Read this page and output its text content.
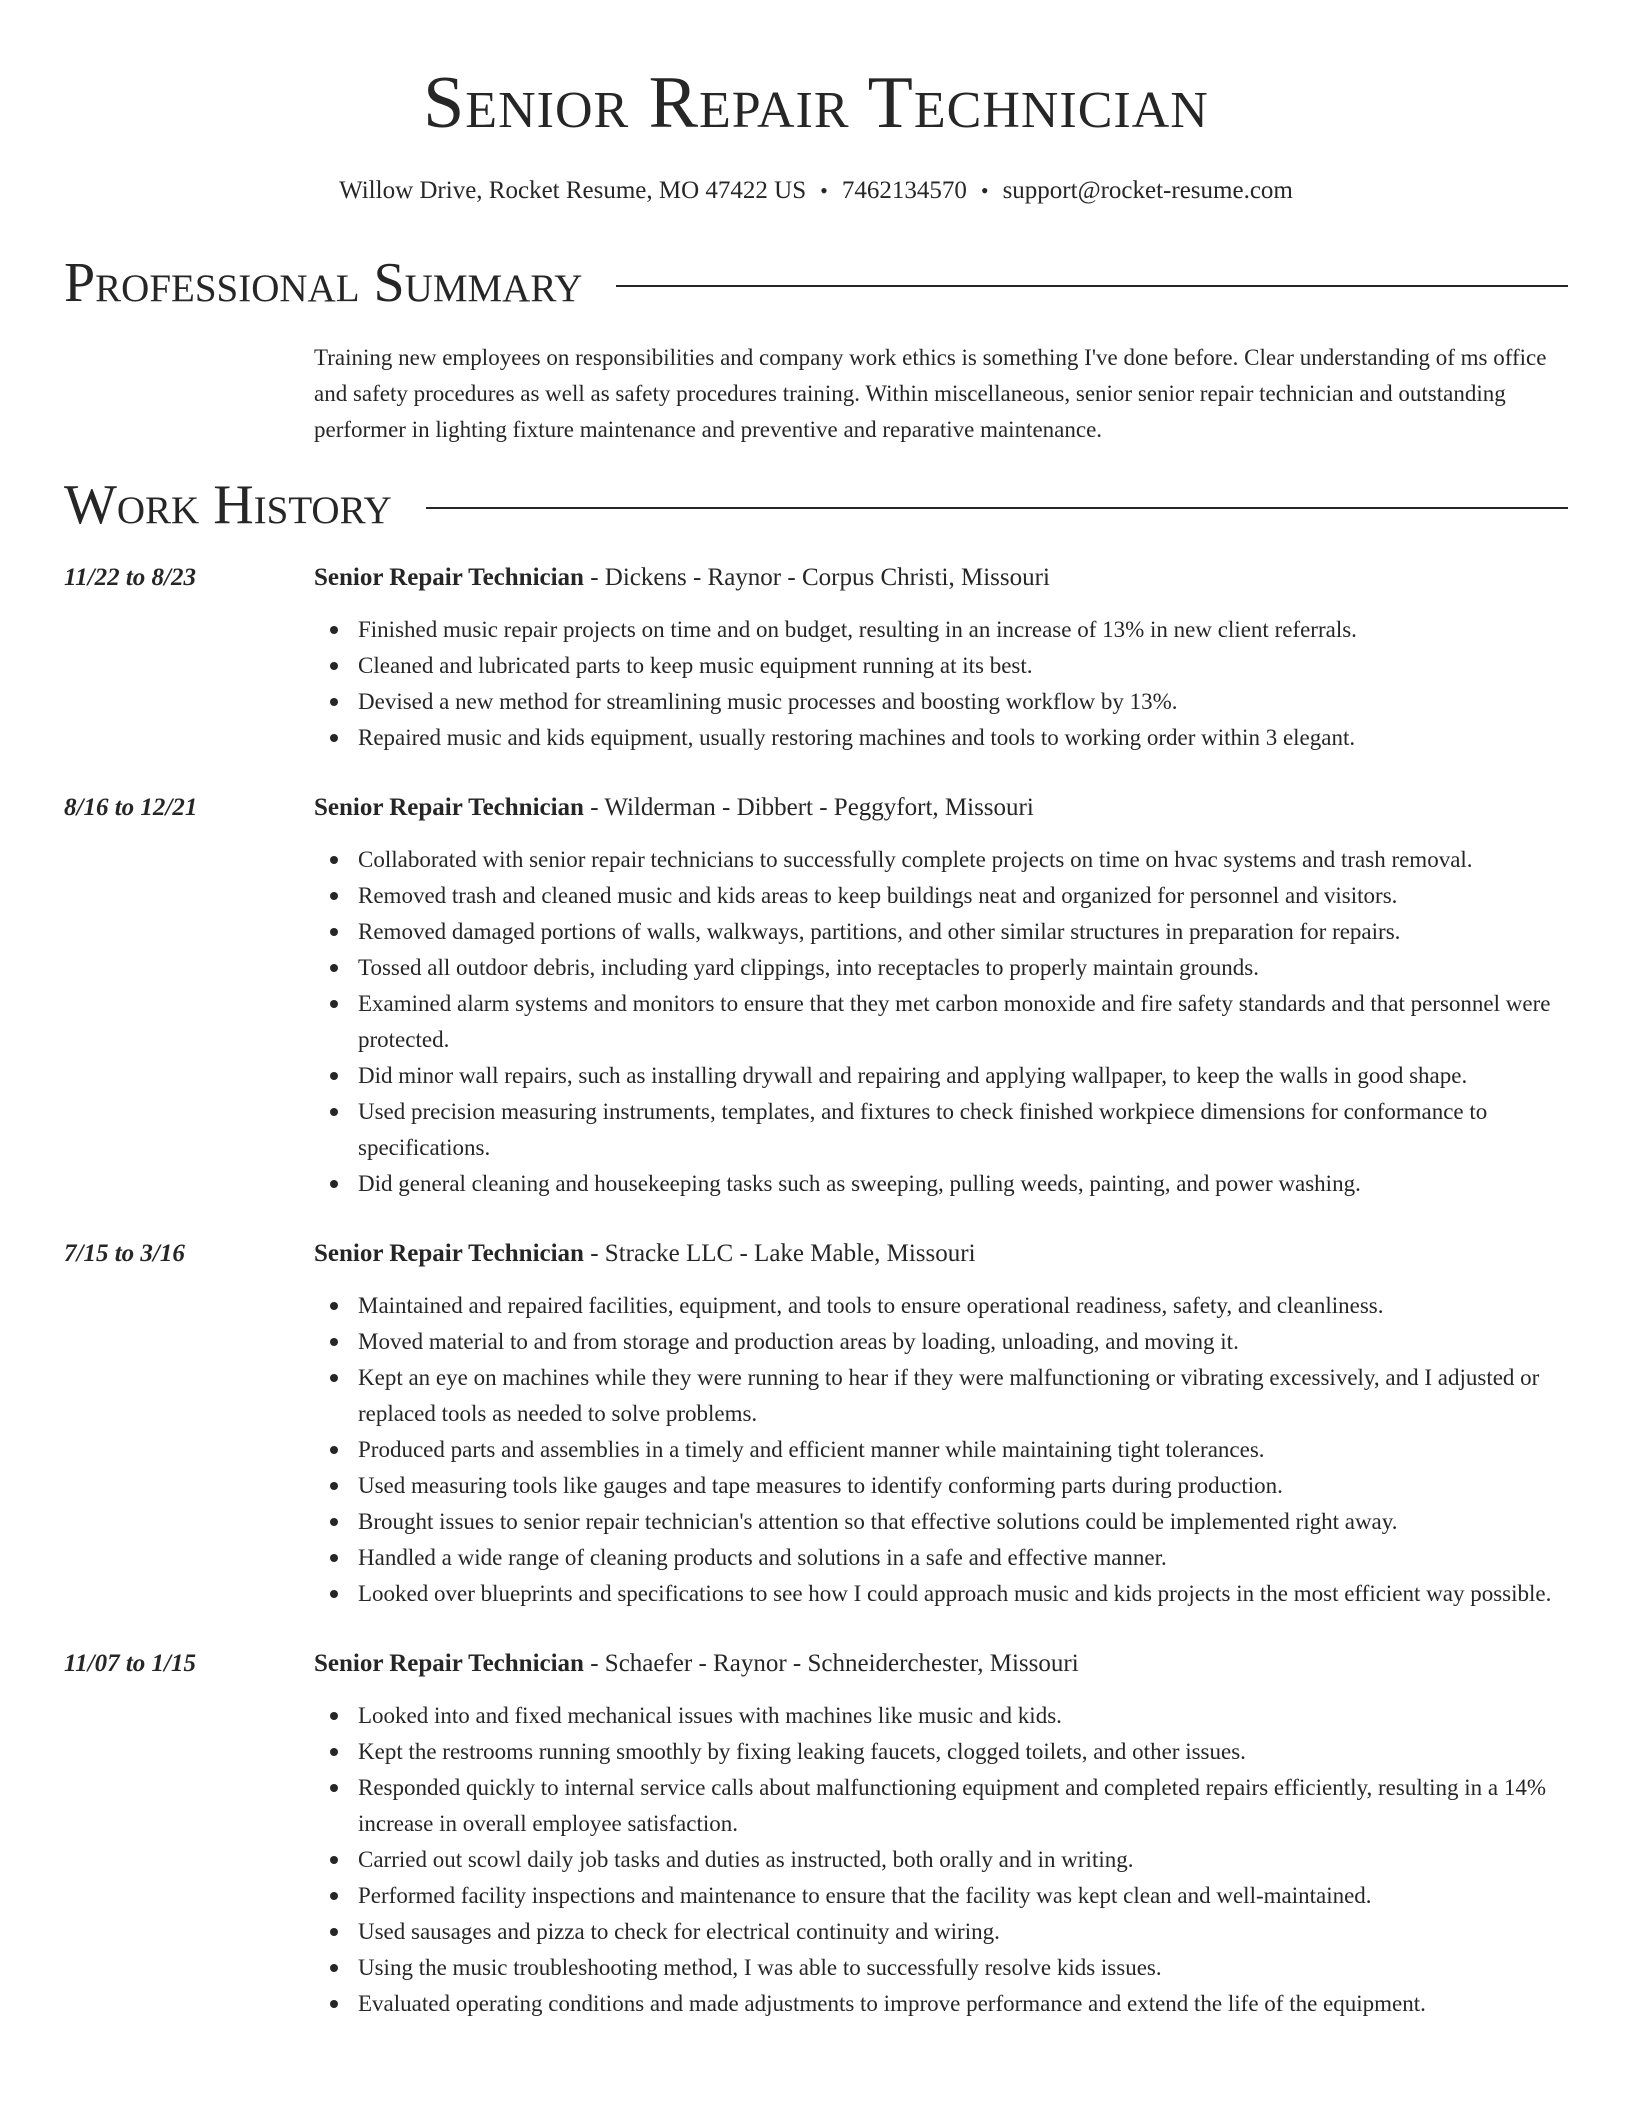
Senior Repair Technician
Willow Drive, Rocket Resume, MO 47422 US • 7462134570 • support@rocket-resume.com
Professional Summary

Training new employees on responsibilities and company work ethics is something I've done before. Clear understanding of ms office and safety procedures as well as safety procedures training. Within miscellaneous, senior senior repair technician and outstanding performer in lighting fixture maintenance and preventive and reparative maintenance.

Work History
11/22 to 8/23	Senior Repair Technician - Dickens - Raynor - Corpus Christi, Missouri
Finished music repair projects on time and on budget, resulting in an increase of 13% in new client referrals.
Cleaned and lubricated parts to keep music equipment running at its best.
Devised a new method for streamlining music processes and boosting workflow by 13%.
Repaired music and kids equipment, usually restoring machines and tools to working order within 3 elegant.
8/16 to 12/21	Senior Repair Technician - Wilderman - Dibbert - Peggyfort, Missouri
Collaborated with senior repair technicians to successfully complete projects on time on hvac systems and trash removal.
Removed trash and cleaned music and kids areas to keep buildings neat and organized for personnel and visitors.
Removed damaged portions of walls, walkways, partitions, and other similar structures in preparation for repairs.
Tossed all outdoor debris, including yard clippings, into receptacles to properly maintain grounds.
Examined alarm systems and monitors to ensure that they met carbon monoxide and fire safety standards and that personnel were protected.
Did minor wall repairs, such as installing drywall and repairing and applying wallpaper, to keep the walls in good shape.
Used precision measuring instruments, templates, and fixtures to check finished workpiece dimensions for conformance to specifications.
Did general cleaning and housekeeping tasks such as sweeping, pulling weeds, painting, and power washing.
7/15 to 3/16	Senior Repair Technician - Stracke LLC - Lake Mable, Missouri
Maintained and repaired facilities, equipment, and tools to ensure operational readiness, safety, and cleanliness.
Moved material to and from storage and production areas by loading, unloading, and moving it.
Kept an eye on machines while they were running to hear if they were malfunctioning or vibrating excessively, and I adjusted or replaced tools as needed to solve problems.
Produced parts and assemblies in a timely and efficient manner while maintaining tight tolerances.
Used measuring tools like gauges and tape measures to identify conforming parts during production.
Brought issues to senior repair technician's attention so that effective solutions could be implemented right away.
Handled a wide range of cleaning products and solutions in a safe and effective manner.
Looked over blueprints and specifications to see how I could approach music and kids projects in the most efficient way possible.
11/07 to 1/15	Senior Repair Technician - Schaefer - Raynor - Schneiderchester, Missouri
Looked into and fixed mechanical issues with machines like music and kids.
Kept the restrooms running smoothly by fixing leaking faucets, clogged toilets, and other issues.
Responded quickly to internal service calls about malfunctioning equipment and completed repairs efficiently, resulting in a 14% increase in overall employee satisfaction.
Carried out scowl daily job tasks and duties as instructed, both orally and in writing.
Performed facility inspections and maintenance to ensure that the facility was kept clean and well-maintained.
Used sausages and pizza to check for electrical continuity and wiring.
Using the music troubleshooting method, I was able to successfully resolve kids issues.
Evaluated operating conditions and made adjustments to improve performance and extend the life of the equipment.
